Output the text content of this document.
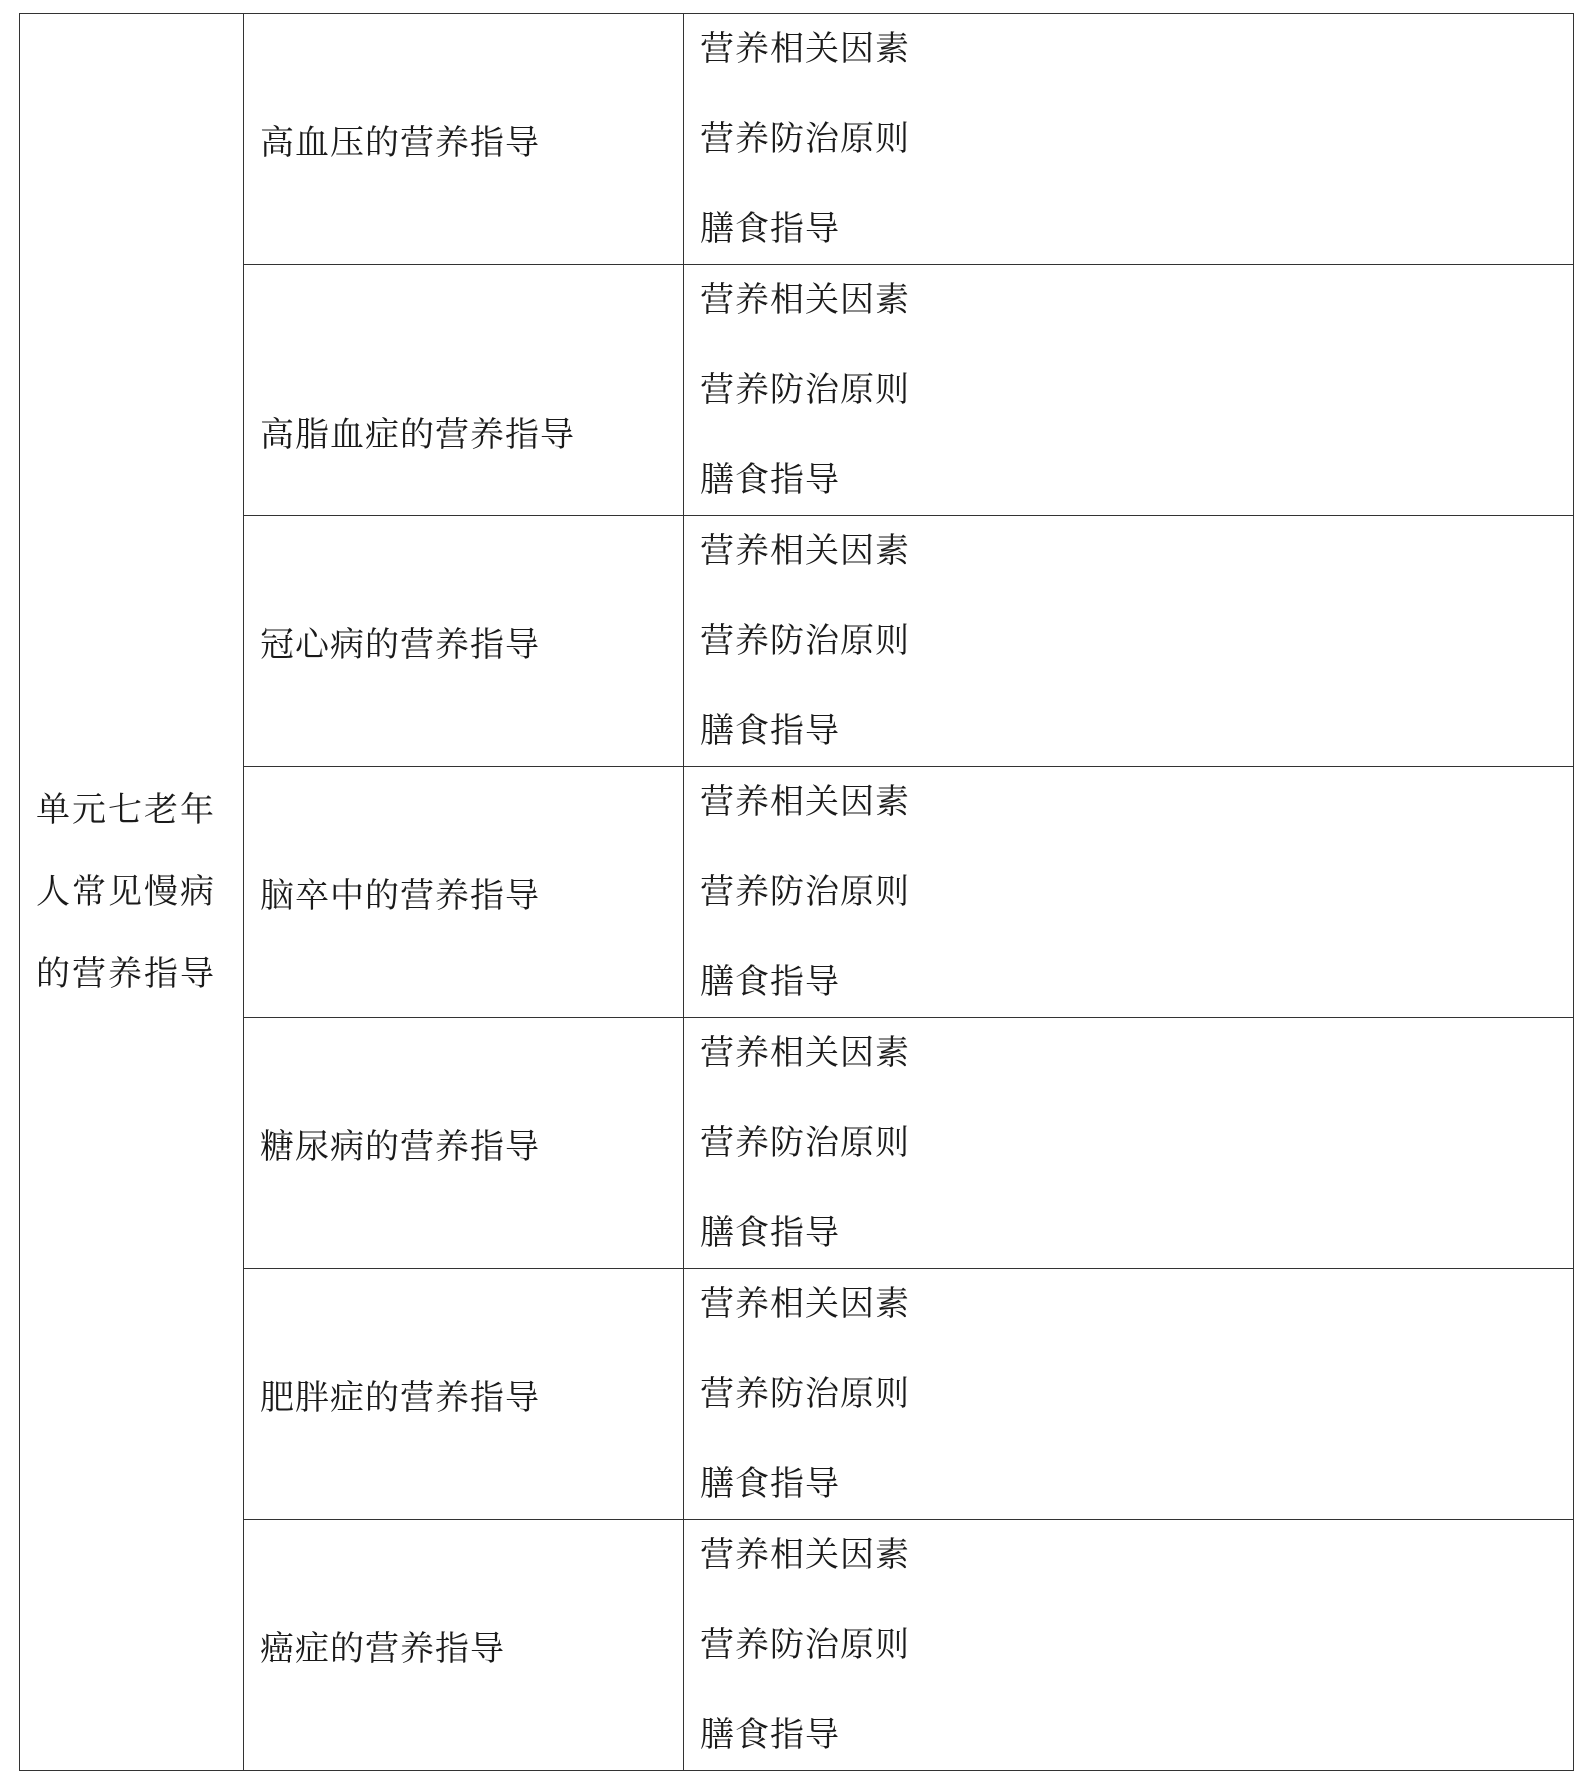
单元七老年人常见慢病的营养指导	高血压的营养指导	营养相关因素
营养防治原则
膳食指导

	高脂血症的营养指导	营养相关因素
营养防治原则
膳食指导

	冠心病的营养指导	营养相关因素
营养防治原则
膳食指导

	脑卒中的营养指导	营养相关因素
营养防治原则
膳食指导

	糖尿病的营养指导	营养相关因素
营养防治原则
膳食指导

	肥胖症的营养指导	营养相关因素
营养防治原则
膳食指导

	癌症的营养指导	营养相关因素
营养防治原则
膳食指导
